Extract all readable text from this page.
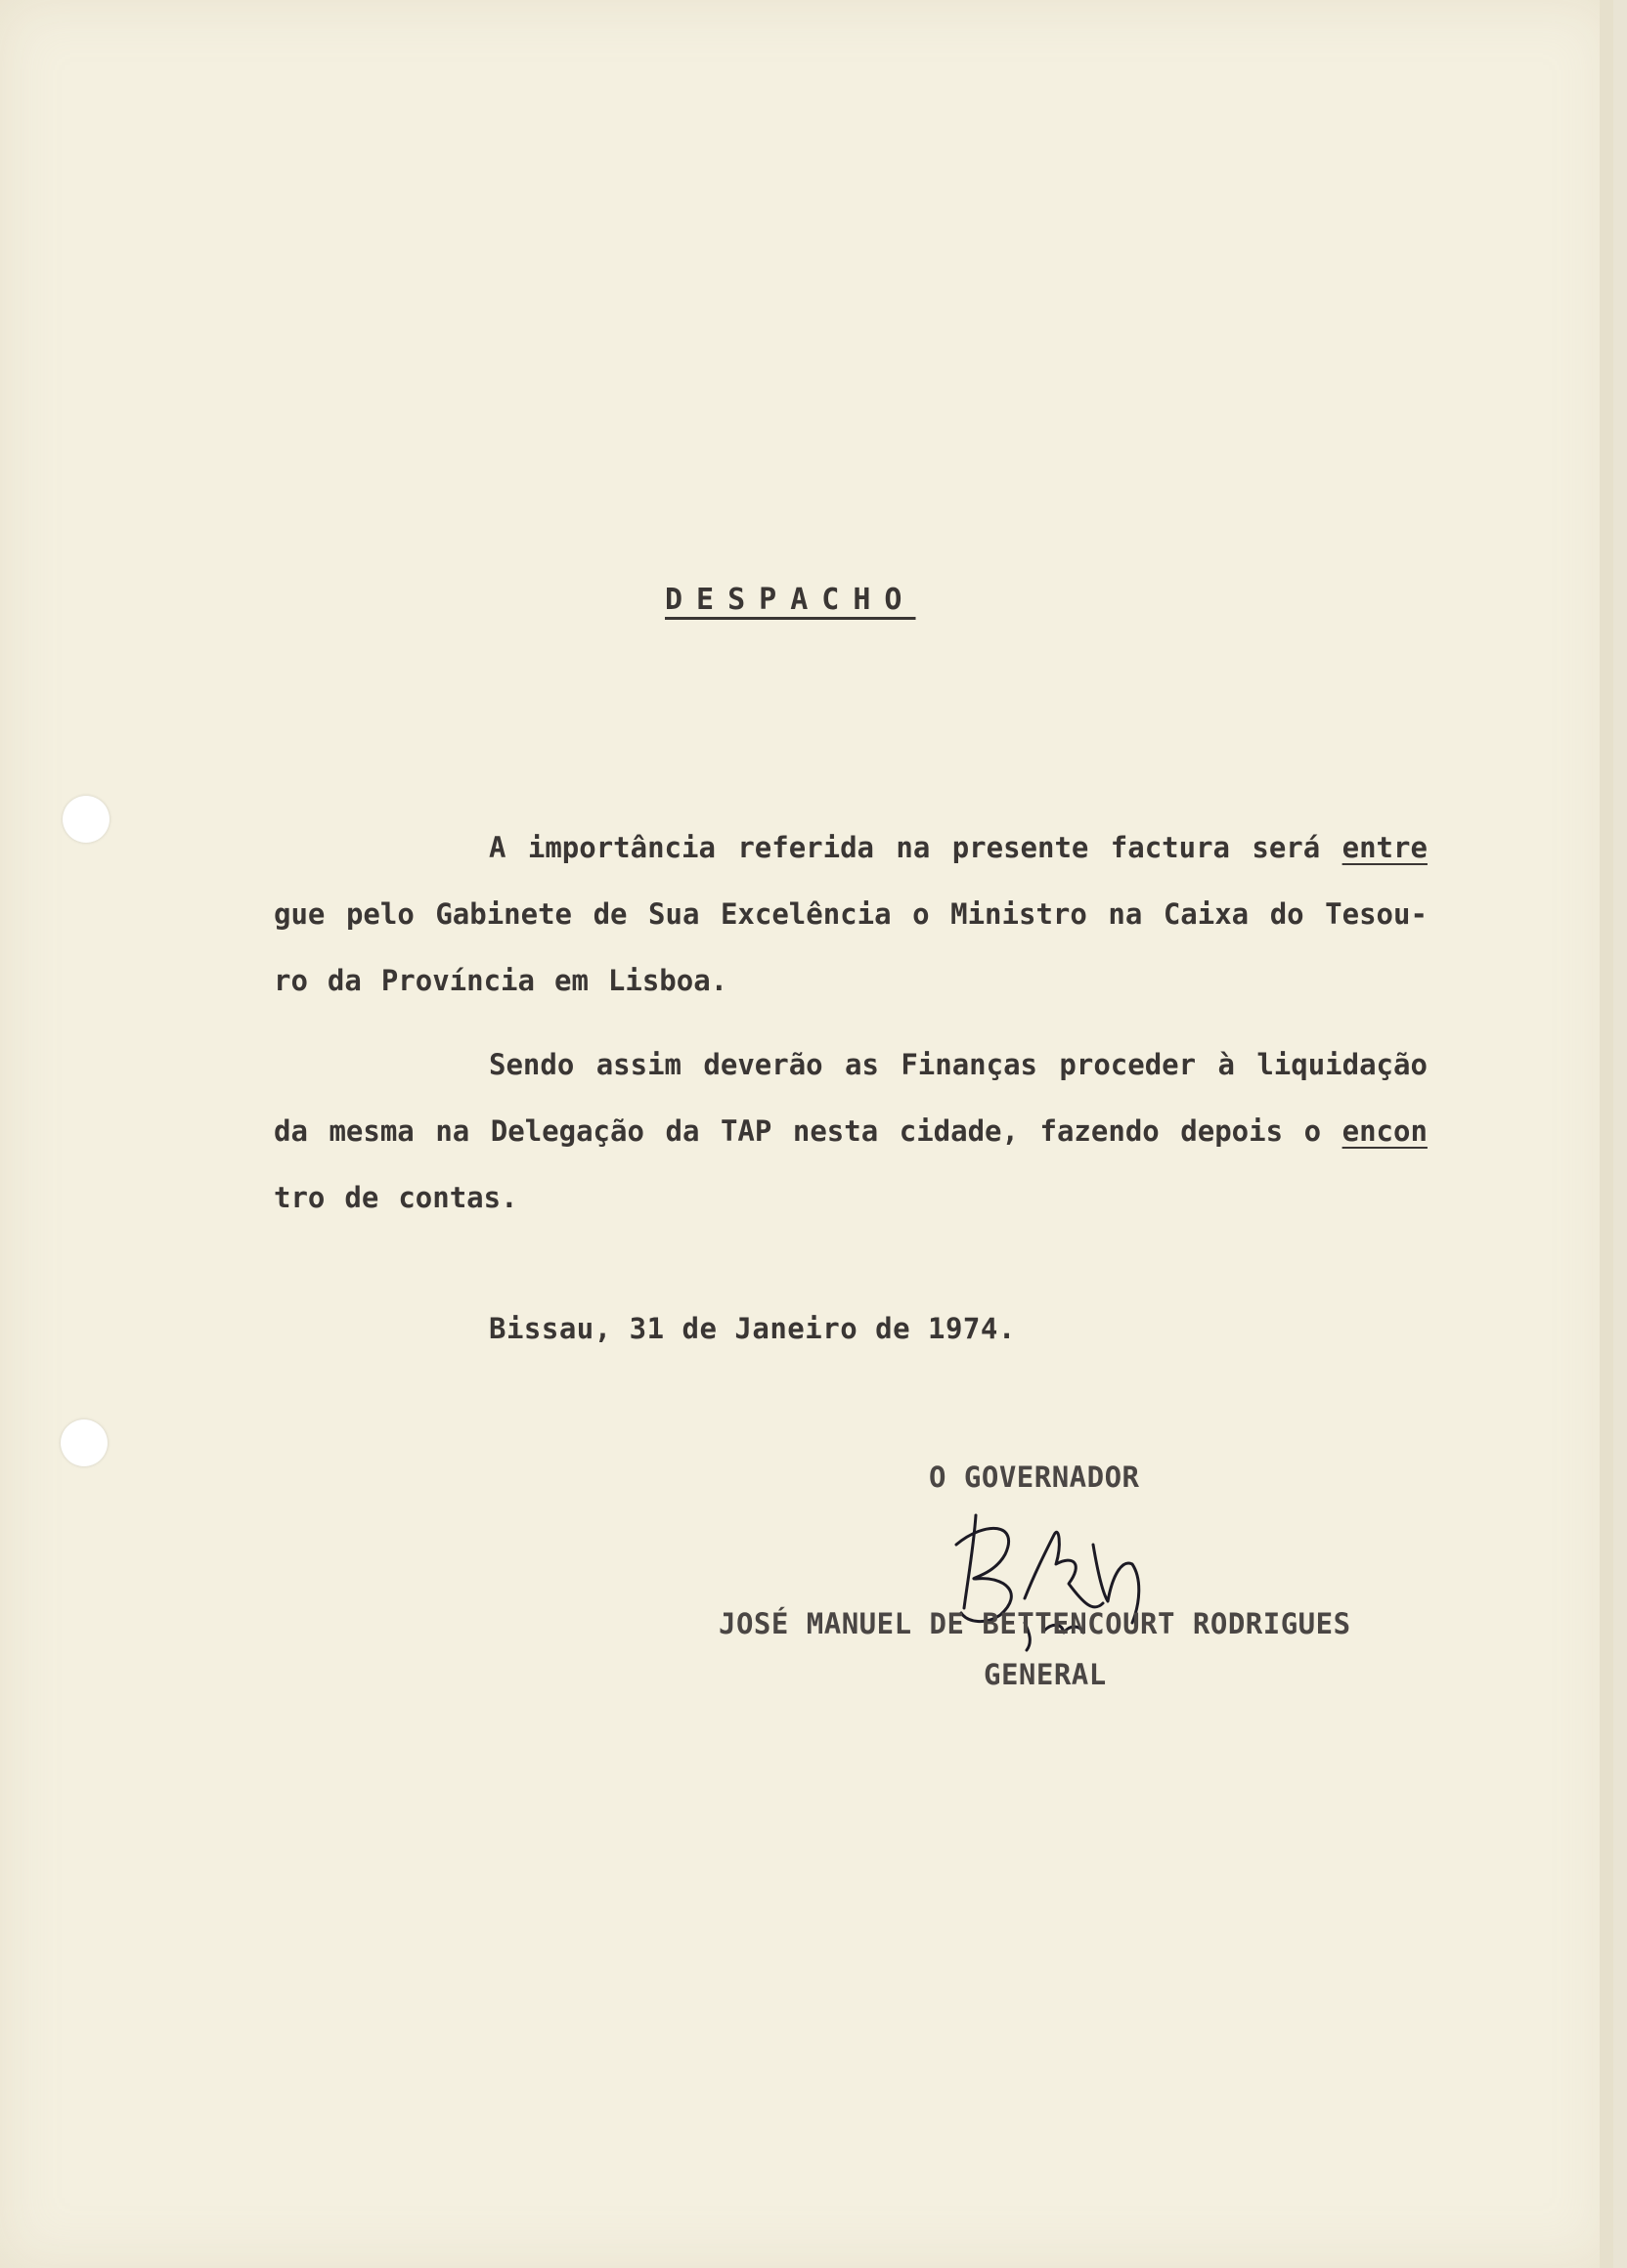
DESPACHO
A importância referida na presente factura será entre
gue pelo Gabinete de Sua Excelência o Ministro na Caixa do Tesou-
ro da Província em Lisboa.
Sendo assim deverão as Finanças proceder à liquidação
da mesma na Delegação da TAP nesta cidade, fazendo depois o encon
tro de contas.
Bissau, 31 de Janeiro de 1974.
O GOVERNADOR
JOSÉ MANUEL DE BETTENCOURT RODRIGUES
GENERAL
